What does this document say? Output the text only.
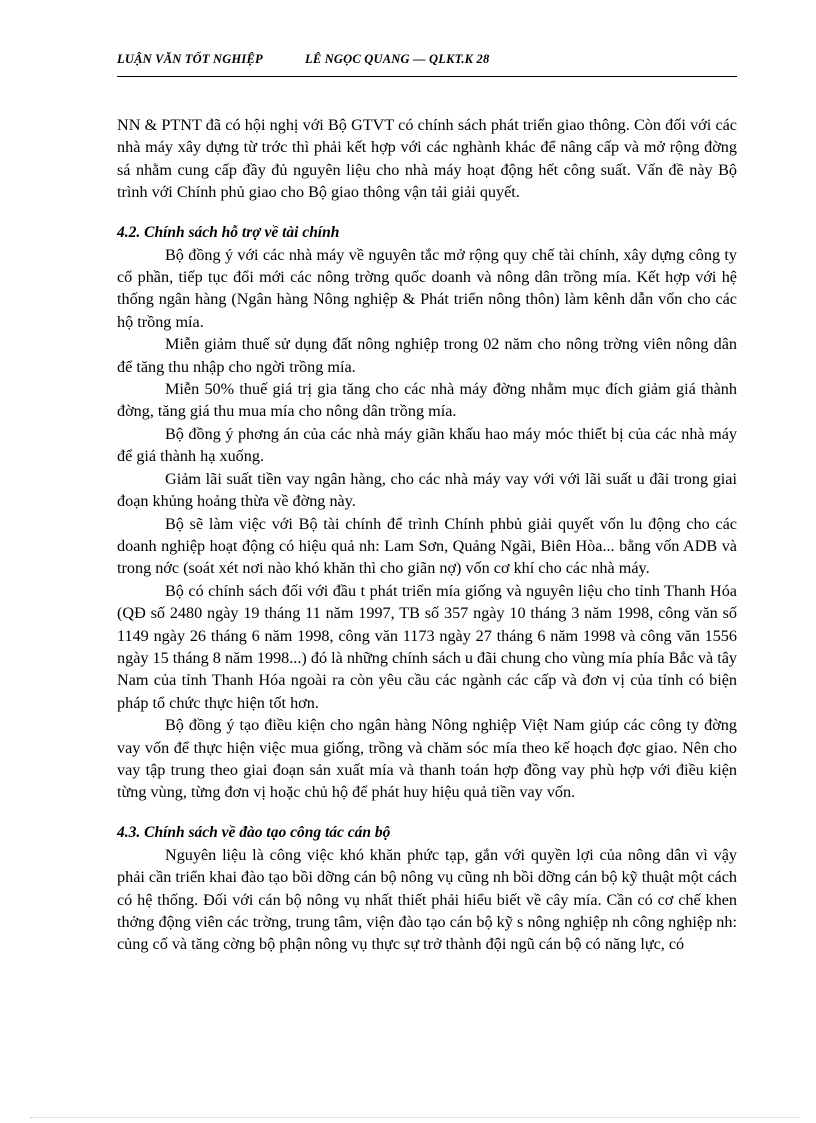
LUẬN VĂN TỐT NGHIỆP	LÊ NGỌC QUANG — QLKT.K 28

NN & PTNT đã có hội nghị với Bộ GTVT có chính sách phát triển giao thông. Còn đối với các nhà máy xây dựng từ trớc thì phải kết hợp với các nghành khác để nâng cấp và mở rộng đờng sá nhằm cung cấp đầy đủ nguyên liệu cho nhà máy hoạt động hết công suất. Vấn đề này Bộ trình với Chính phủ giao cho Bộ giao thông vận tải giải quyết.

4.2. Chính sách hỗ trợ về tài chính

Bộ đồng ý với các nhà máy về nguyên tắc mở rộng quy chế tài chính, xây dựng công ty cổ phần, tiếp tục đổi mới các nông trờng quốc doanh và nông dân trồng mía. Kết hợp với hệ thống ngân hàng (Ngân hàng Nông nghiệp & Phát triển nông thôn) làm kênh dẫn vốn cho các hộ trồng mía.

Miễn giảm thuế sử dụng đất nông nghiệp trong 02 năm cho nông trờng viên nông dân để tăng thu nhập cho ngời trồng mía.

Miễn 50% thuế giá trị gia tăng cho các nhà máy đờng nhằm mục đích giảm giá thành đờng, tăng giá thu mua mía cho nông dân trồng mía.

Bộ đồng ý phơng án của các nhà máy giãn khấu hao máy móc thiết bị của các nhà máy để giá thành hạ xuống.

Giảm lãi suất tiền vay ngân hàng, cho các nhà máy vay với với lãi suất u đãi trong giai đoạn khủng hoảng thừa về đờng này.

Bộ sẽ làm việc với Bộ tài chính để trình Chính phbủ giải quyết vốn lu động cho các doanh nghiệp hoạt động có hiệu quả nh: Lam Sơn, Quảng Ngãi, Biên Hòa... bằng vốn ADB và trong nớc (soát xét nơi nào khó khăn thì cho giãn nợ) vốn cơ khí cho các nhà máy.

Bộ có chính sách đối với đầu t phát triển mía giống và nguyên liệu cho tỉnh Thanh Hóa (QĐ số 2480 ngày 19 tháng 11 năm 1997, TB số 357 ngày 10 tháng 3 năm 1998, công văn số 1149 ngày 26 tháng 6 năm 1998, công văn 1173 ngày 27 tháng 6 năm 1998 và công văn 1556 ngày 15 tháng 8 năm 1998...) đó là những chính sách u đãi chung cho vùng mía phía Bắc và tây Nam của tỉnh Thanh Hóa ngoài ra còn yêu cầu các ngành các cấp và đơn vị của tỉnh có biện pháp tổ chức thực hiện tốt hơn.

Bộ đồng ý tạo điều kiện cho ngân hàng Nông nghiệp Việt Nam giúp các công ty đờng vay vốn để thực hiện việc mua giống, trồng và chăm sóc mía theo kế hoạch đợc giao. Nên cho vay tập trung theo giai đoạn sản xuất mía và thanh toán hợp đồng vay phù hợp với điều kiện từng vùng, từng đơn vị hoặc chủ hộ để phát huy hiệu quả tiền vay vốn.

4.3. Chính sách về đào tạo công tác cán bộ

Nguyên liệu là công việc khó khăn phức tạp, gắn với quyền lợi của nông dân vì vậy phải cần triển khai đào tạo bồi dỡng cán bộ nông vụ cũng nh bồi dỡng cán bộ kỹ thuật một cách có hệ thống. Đối với cán bộ nông vụ nhất thiết phải hiểu biết về cây mía. Cần có cơ chế khen thởng động viên các trờng, trung tâm, viện đào tạo cán bộ kỹ s nông nghiệp nh công nghiệp nh: củng cố và tăng cờng bộ phận nông vụ thực sự trở thành đội ngũ cán bộ có năng lực, có
